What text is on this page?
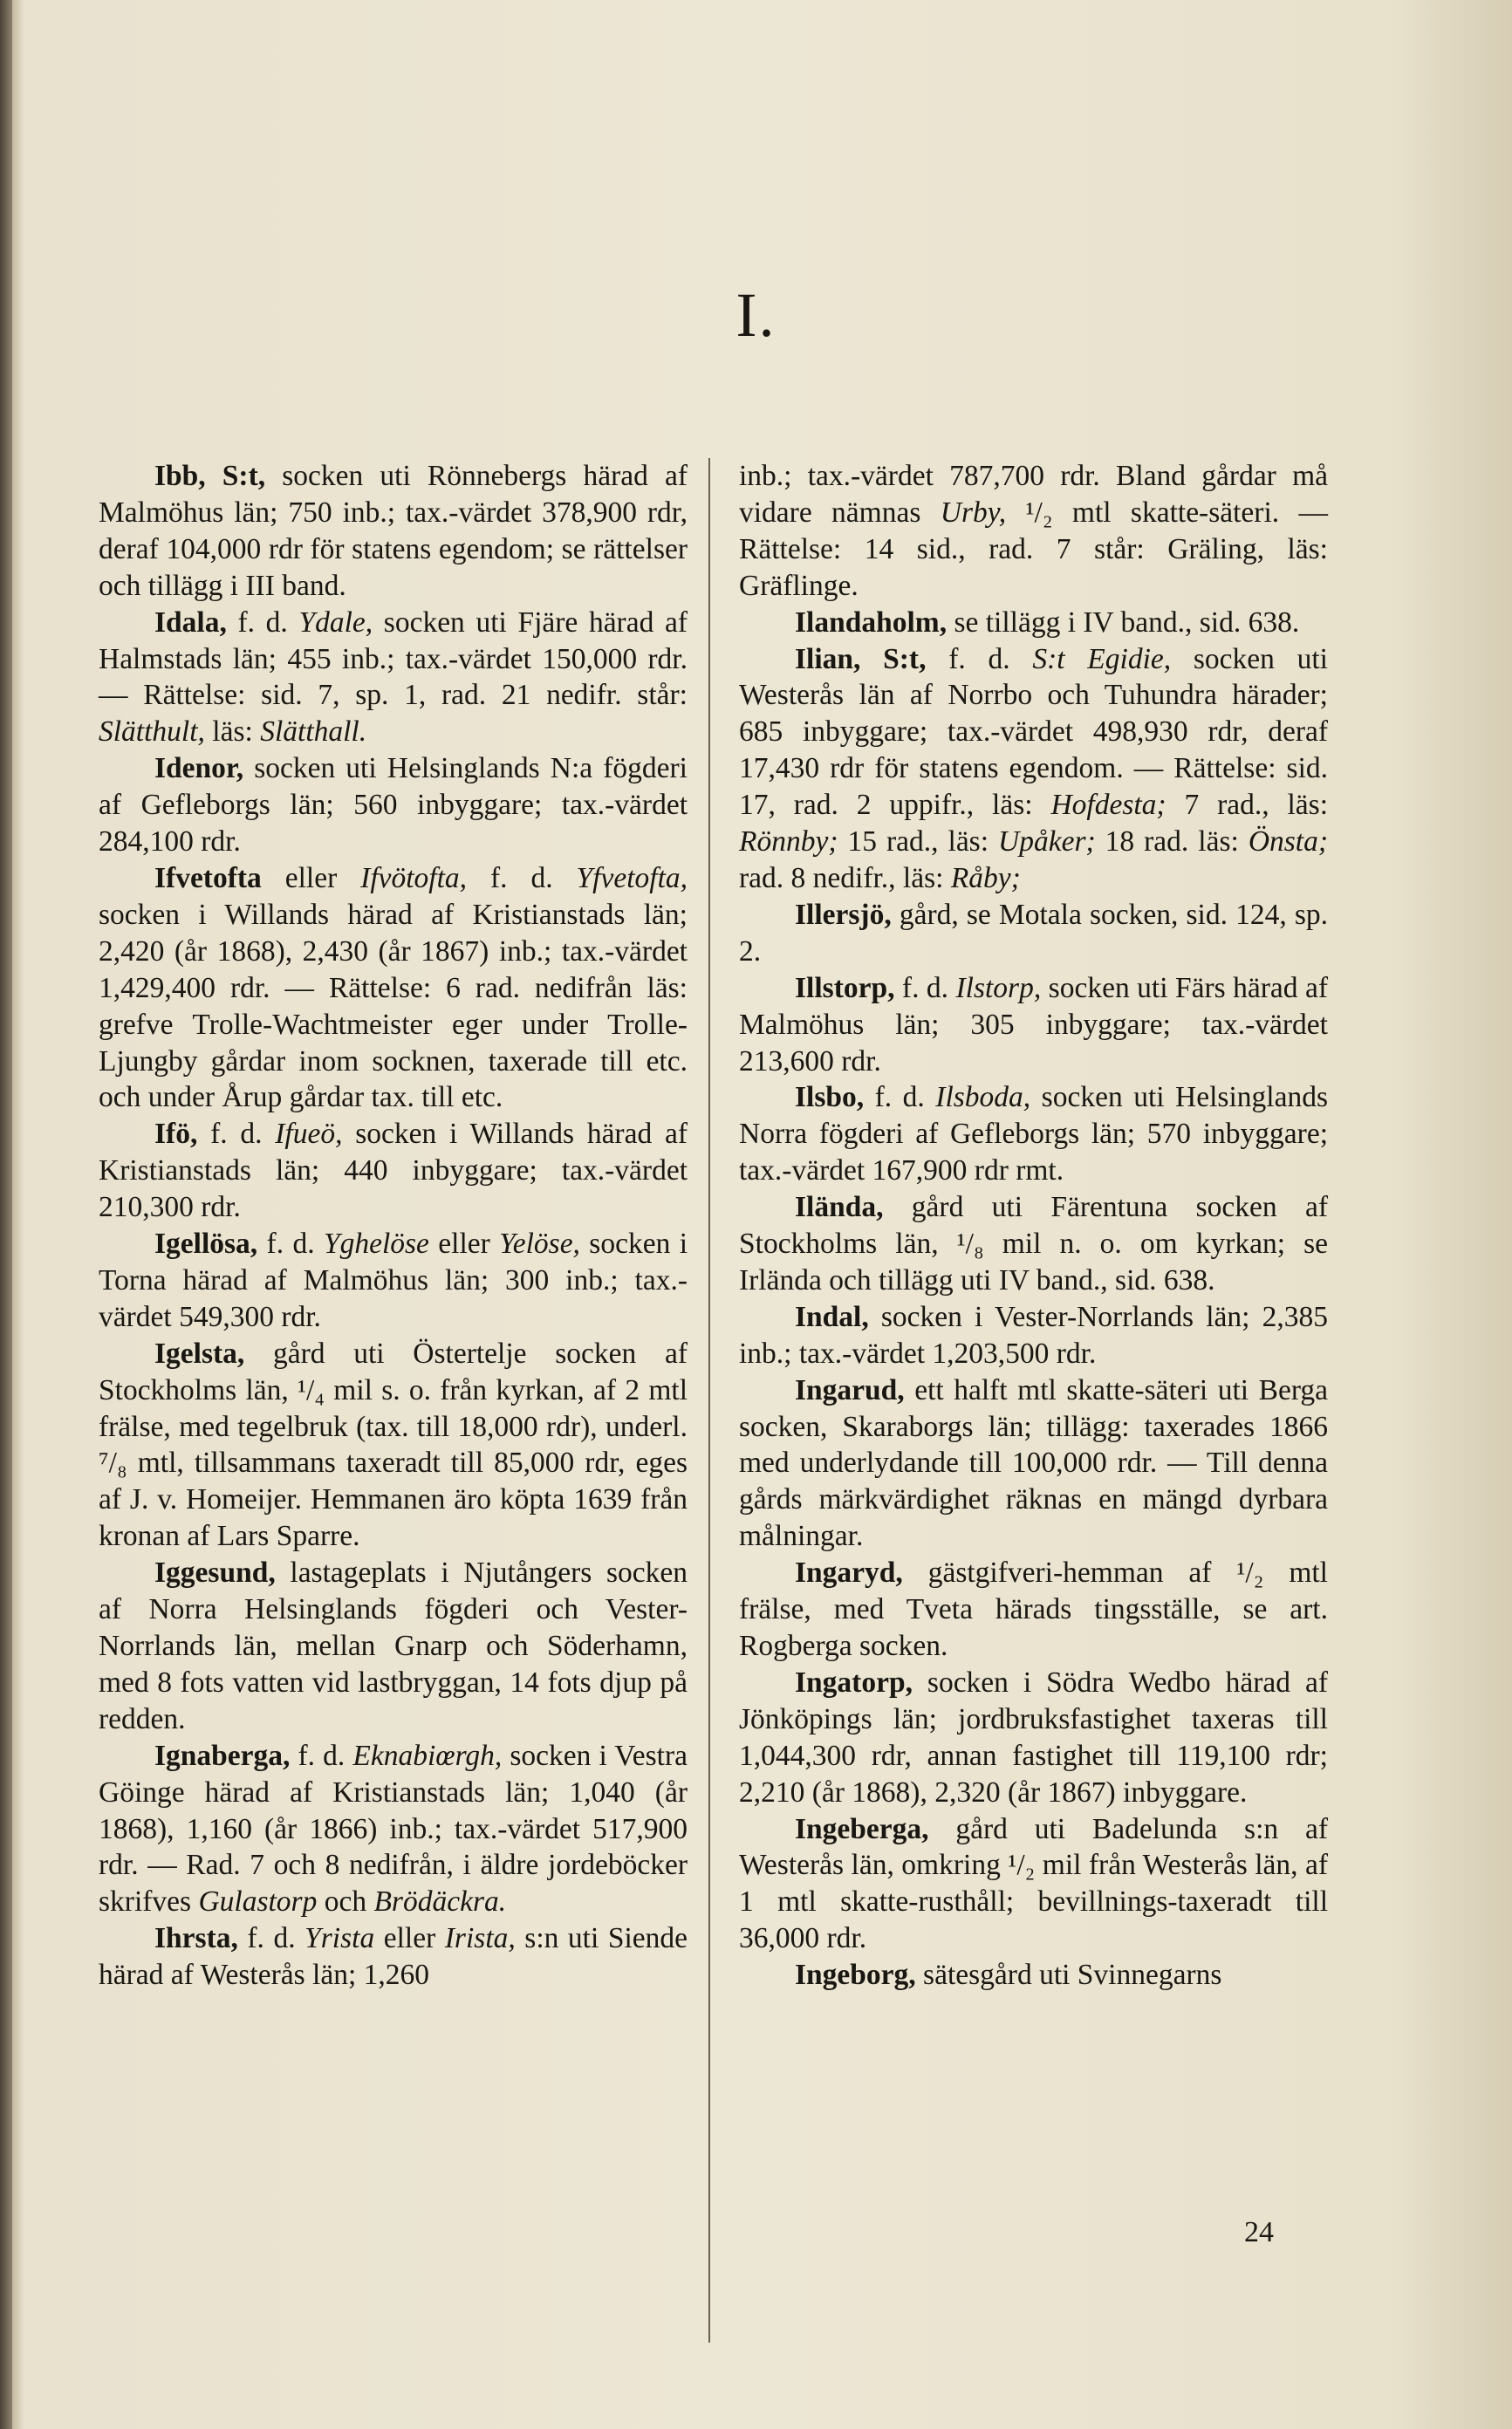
I.

Ibb, S:t, socken uti Rönnebergs härad af Malmöhus län; 750 inb.; tax.-värdet 378,900 rdr, deraf 104,000 rdr för statens egendom; se rättelser och tillägg i III band.

Idala, f. d. Ydale, socken uti Fjäre härad af Halmstads län; 455 inb.; tax.-värdet 150,000 rdr. — Rättelse: sid. 7, sp. 1, rad. 21 nedifr. står: Slätthult, läs: Slätthall.

Idenor, socken uti Helsinglands N:a fögderi af Gefleborgs län; 560 inbyggare; tax.-värdet 284,100 rdr.

Ifvetofta eller Ifvötofta, f. d. Yfvetofta, socken i Willands härad af Kristianstads län; 2,420 (år 1868), 2,430 (år 1867) inb.; tax.-värdet 1,429,400 rdr. — Rättelse: 6 rad. nedifrån läs: grefve Trolle-Wachtmeister eger under Trolle-Ljungby gårdar inom socknen, taxerade till etc. och under Årup gårdar tax. till etc.

Ifö, f. d. Ifueö, socken i Willands härad af Kristianstads län; 440 inbyggare; tax.-värdet 210,300 rdr.

Igellösa, f. d. Yghelöse eller Yelöse, socken i Torna härad af Malmöhus län; 300 inb.; tax.-värdet 549,300 rdr.

Igelsta, gård uti Östertelje socken af Stockholms län, ¹/₄ mil s. o. från kyrkan, af 2 mtl frälse, med tegelbruk (tax. till 18,000 rdr), underl. ⁷/₈ mtl, tillsammans taxeradt till 85,000 rdr, eges af J. v. Homeijer. Hemmanen äro köpta 1639 från kronan af Lars Sparre.

Iggesund, lastageplats i Njutångers socken af Norra Helsinglands fögderi och Vester-Norrlands län, mellan Gnarp och Söderhamn, med 8 fots vatten vid lastbryggan, 14 fots djup på redden.

Ignaberga, f. d. Eknabiœrgh, socken i Vestra Göinge härad af Kristianstads län; 1,040 (år 1868), 1,160 (år 1866) inb.; tax.-värdet 517,900 rdr. — Rad. 7 och 8 nedifrån, i äldre jordeböcker skrifves Gulastorp och Brödäckra.

Ihrsta, f. d. Yrista eller Irista, s:n uti Siende härad af Westerås län; 1,260

inb.; tax.-värdet 787,700 rdr. Bland gårdar må vidare nämnas Urby, ¹/₂ mtl skatte-säteri. — Rättelse: 14 sid., rad. 7 står: Gräling, läs: Gräflinge.

Ilandaholm, se tillägg i IV band., sid. 638.

Ilian, S:t, f. d. S:t Egidie, socken uti Westerås län af Norrbo och Tuhundra härader; 685 inbyggare; tax.-värdet 498,930 rdr, deraf 17,430 rdr för statens egendom. — Rättelse: sid. 17, rad. 2 uppifr., läs: Hofdesta; 7 rad., läs: Rönnby; 15 rad., läs: Upåker; 18 rad. läs: Önsta; rad. 8 nedifr., läs: Råby;

Illersjö, gård, se Motala socken, sid. 124, sp. 2.

Illstorp, f. d. Ilstorp, socken uti Färs härad af Malmöhus län; 305 inbyggare; tax.-värdet 213,600 rdr.

Ilsbo, f. d. Ilsboda, socken uti Helsinglands Norra fögderi af Gefleborgs län; 570 inbyggare; tax.-värdet 167,900 rdr rmt.

Ilända, gård uti Färentuna socken af Stockholms län, ¹/₈ mil n. o. om kyrkan; se Irlända och tillägg uti IV band., sid. 638.

Indal, socken i Vester-Norrlands län; 2,385 inb.; tax.-värdet 1,203,500 rdr.

Ingarud, ett halft mtl skatte-säteri uti Berga socken, Skaraborgs län; tillägg: taxerades 1866 med underlydande till 100,000 rdr. — Till denna gårds märkvärdighet räknas en mängd dyrbara målningar.

Ingaryd, gästgifveri-hemman af ¹/₂ mtl frälse, med Tveta härads tingsställe, se art. Rogberga socken.

Ingatorp, socken i Södra Wedbo härad af Jönköpings län; jordbruksfastighet taxeras till 1,044,300 rdr, annan fastighet till 119,100 rdr; 2,210 (år 1868), 2,320 (år 1867) inbyggare.

Ingeberga, gård uti Badelunda s:n af Westerås län, omkring ¹/₂ mil från Westerås län, af 1 mtl skatte-rusthåll; bevillnings-taxeradt till 36,000 rdr.

Ingeborg, sätesgård uti Svinnegarns

24
